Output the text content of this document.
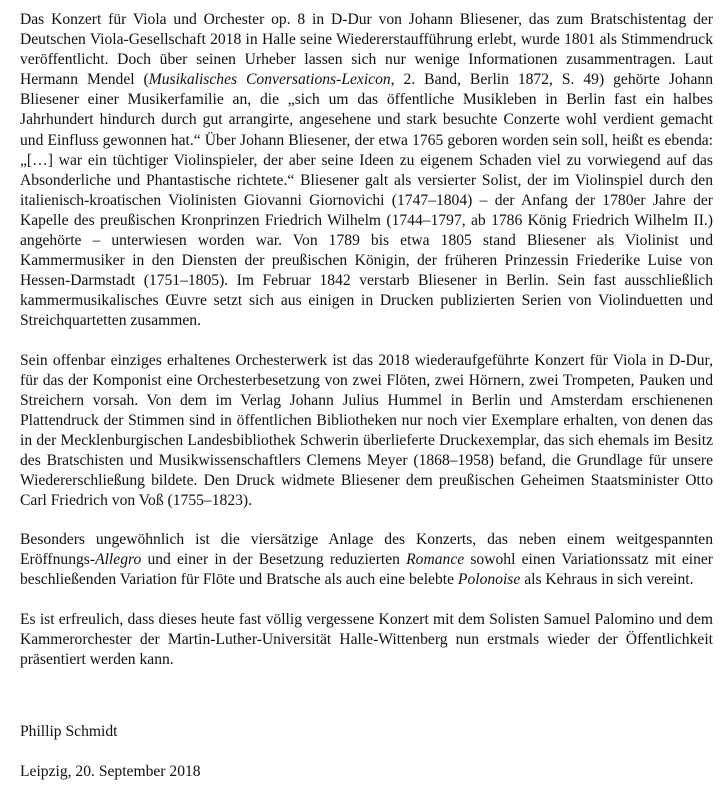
Das Konzert für Viola und Orchester op. 8 in D-Dur von Johann Bliesener, das zum Bratschistentag der Deutschen Viola-Gesellschaft 2018 in Halle seine Wiedererstaufführung erlebt, wurde 1801 als Stimmendruck veröffentlicht. Doch über seinen Urheber lassen sich nur wenige Informationen zusammentragen. Laut Hermann Mendel (Musikalisches Conversations-Lexicon, 2. Band, Berlin 1872, S. 49) gehörte Johann Bliesener einer Musikerfamilie an, die „sich um das öffentliche Musikleben in Berlin fast ein halbes Jahrhundert hindurch durch gut arrangirte, angesehene und stark besuchte Conzerte wohl verdient gemacht und Einfluss gewonnen hat.“ Über Johann Bliesener, der etwa 1765 geboren worden sein soll, heißt es ebenda: „[…] war ein tüchtiger Violinspieler, der aber seine Ideen zu eigenem Schaden viel zu vorwiegend auf das Absonderliche und Phantastische richtete.“ Bliesener galt als versierter Solist, der im Violinspiel durch den italienisch-kroatischen Violinisten Giovanni Giornovichi (1747–1804) – der Anfang der 1780er Jahre der Kapelle des preußischen Kronprinzen Friedrich Wilhelm (1744–1797, ab 1786 König Friedrich Wilhelm II.) angehörte – unterwiesen worden war. Von 1789 bis etwa 1805 stand Bliesener als Violinist und Kammermusiker in den Diensten der preußischen Königin, der früheren Prinzessin Friederike Luise von Hessen-Darmstadt (1751–1805). Im Februar 1842 verstarb Bliesener in Berlin. Sein fast ausschließlich kammermusikalisches Œuvre setzt sich aus einigen in Drucken publizierten Serien von Violinduetten und Streichquartetten zusammen.

Sein offenbar einziges erhaltenes Orchesterwerk ist das 2018 wiederaufgeführte Konzert für Viola in D-Dur, für das der Komponist eine Orchesterbesetzung von zwei Flöten, zwei Hörnern, zwei Trompeten, Pauken und Streichern vorsah. Von dem im Verlag Johann Julius Hummel in Berlin und Amsterdam erschienenen Plattendruck der Stimmen sind in öffentlichen Bibliotheken nur noch vier Exemplare erhalten, von denen das in der Mecklenburgischen Landesbibliothek Schwerin überlieferte Druckexemplar, das sich ehemals im Besitz des Bratschisten und Musikwissenschaftlers Clemens Meyer (1868–1958) befand, die Grundlage für unsere Wiedererschließung bildete. Den Druck widmete Bliesener dem preußischen Geheimen Staatsminister Otto Carl Friedrich von Voß (1755–1823).

Besonders ungewöhnlich ist die viersätzige Anlage des Konzerts, das neben einem weitgespannten Eröffnungs-Allegro und einer in der Besetzung reduzierten Romance sowohl einen Variationssatz mit einer beschließenden Variation für Flöte und Bratsche als auch eine belebte Polonoise als Kehraus in sich vereint.

Es ist erfreulich, dass dieses heute fast völlig vergessene Konzert mit dem Solisten Samuel Palomino und dem Kammerorchester der Martin-Luther-Universität Halle-Wittenberg nun erstmals wieder der Öffentlichkeit präsentiert werden kann.

Phillip Schmidt

Leipzig, 20. September 2018
